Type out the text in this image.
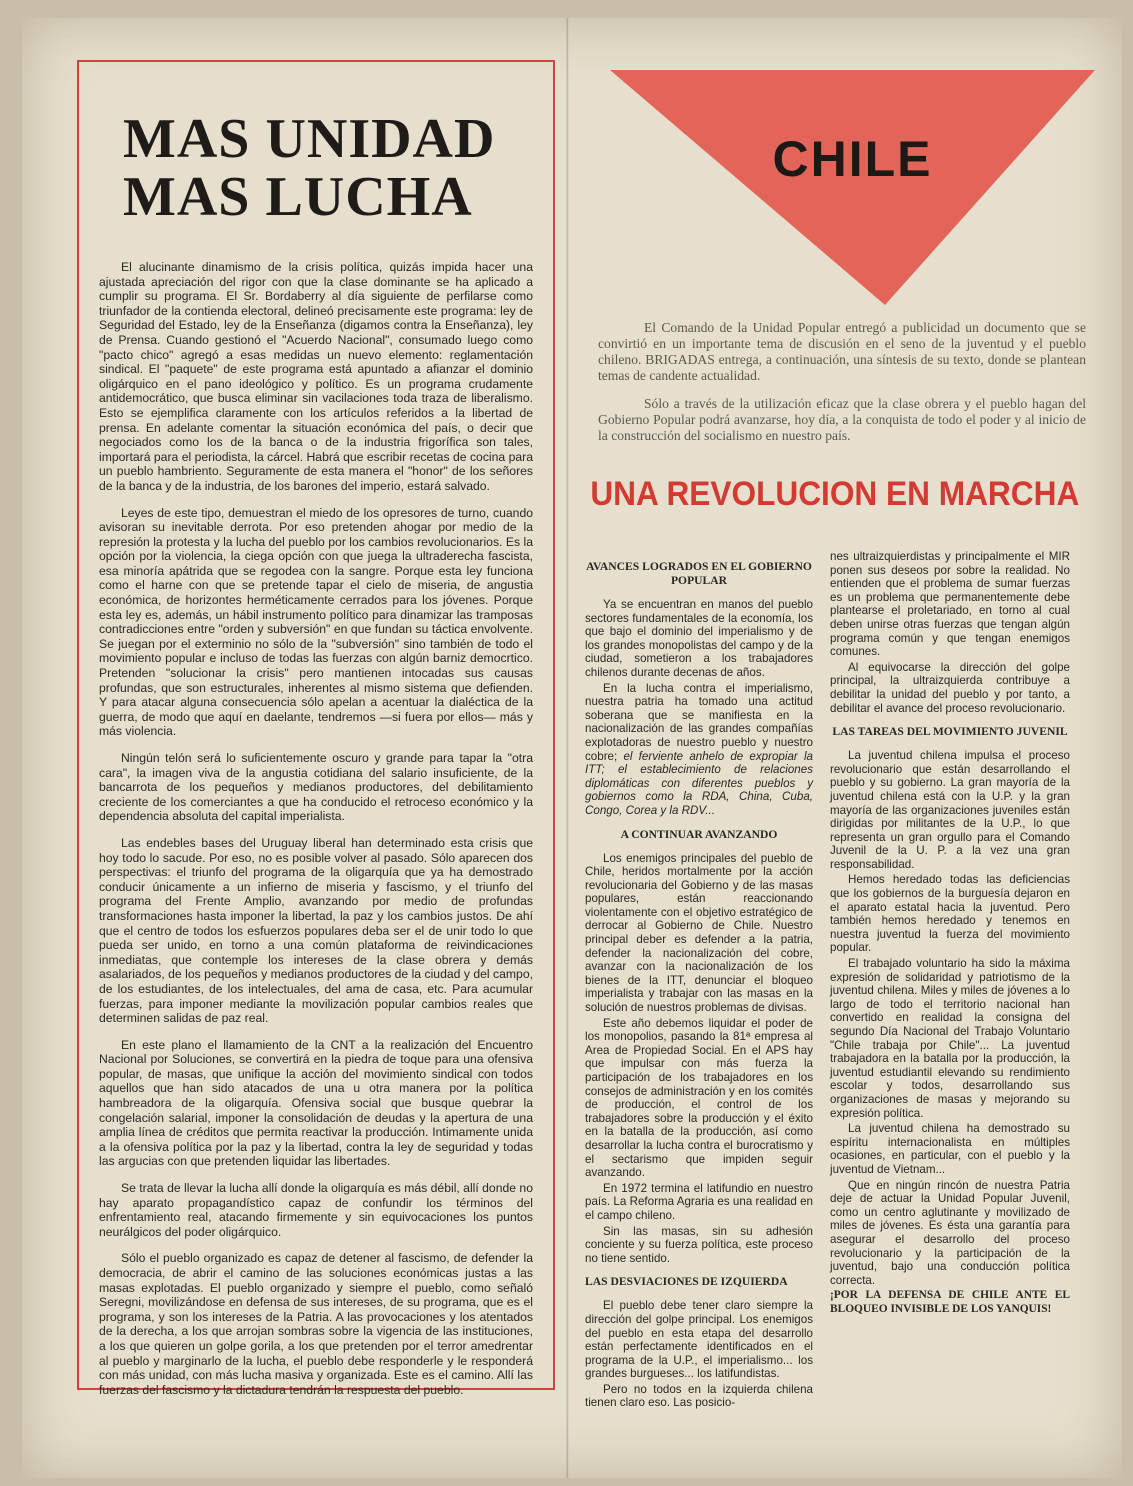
MAS UNIDAD
MAS LUCHA

El alucinante dinamismo de la crisis política, quizás impida hacer una ajustada apreciación del rigor con que la clase dominante se ha aplicado a cumplir su programa. El Sr. Bordaberry al día siguiente de perfilarse como triunfador de la contienda electoral, delineó precisamente este programa: ley de Seguridad del Estado, ley de la Enseñanza (digamos contra la Enseñanza), ley de Prensa. Cuando gestionó el "Acuerdo Nacional", consumado luego como "pacto chico" agregó a esas medidas un nuevo elemento: reglamentación sindical. El "paquete" de este programa está apuntado a afianzar el dominio oligárquico en el pano ideológico y político. Es un programa crudamente antidemocrático, que busca eliminar sin vacilaciones toda traza de liberalismo. Esto se ejemplifica claramente con los artículos referidos a la libertad de prensa. En adelante comentar la situación económica del país, o decir que negociados como los de la banca o de la industria frigorífica son tales, importará para el periodista, la cárcel. Habrá que escribir recetas de cocina para un pueblo hambriento. Seguramente de esta manera el "honor" de los señores de la banca y de la industria, de los barones del imperio, estará salvado.

Leyes de este tipo, demuestran el miedo de los opresores de turno, cuando avisoran su inevitable derrota. Por eso pretenden ahogar por medio de la represión la protesta y la lucha del pueblo por los cambios revolucionarios. Es la opción por la violencia, la ciega opción con que juega la ultraderecha fascista, esa minoría apátrida que se regodea con la sangre. Porque esta ley funciona como el harne con que se pretende tapar el cielo de miseria, de angustia económica, de horizontes herméticamente cerrados para los jóvenes. Porque esta ley es, además, un hábil instrumento político para dinamizar las tramposas contradicciones entre "orden y subversión" en que fundan su táctica envolvente. Se juegan por el exterminio no sólo de la "subversión" sino también de todo el movimiento popular e incluso de todas las fuerzas con algún barniz democrtico. Pretenden "solucionar la crisis" pero mantienen intocadas sus causas profundas, que son estructurales, inherentes al mismo sistema que defienden. Y para atacar alguna consecuencia sólo apelan a acentuar la dialéctica de la guerra, de modo que aquí en daelante, tendremos —si fuera por ellos— más y más violencia.

Ningún telón será lo suficientemente oscuro y grande para tapar la "otra cara", la imagen viva de la angustia cotidiana del salario insuficiente, de la bancarrota de los pequeños y medianos productores, del debilitamiento creciente de los comerciantes a que ha conducido el retroceso económico y la dependencia absoluta del capital imperialista.

Las endebles bases del Uruguay liberal han determinado esta crisis que hoy todo lo sacude. Por eso, no es posible volver al pasado. Sólo aparecen dos perspectivas: el triunfo del programa de la oligarquía que ya ha demostrado conducir únicamente a un infierno de miseria y fascismo, y el triunfo del programa del Frente Amplio, avanzando por medio de profundas transformaciones hasta imponer la libertad, la paz y los cambios justos. De ahí que el centro de todos los esfuerzos populares deba ser el de unir todo lo que pueda ser unido, en torno a una común plataforma de reivindicaciones inmediatas, que contemple los intereses de la clase obrera y demás asalariados, de los pequeños y medianos productores de la ciudad y del campo, de los estudiantes, de los intelectuales, del ama de casa, etc. Para acumular fuerzas, para imponer mediante la movilización popular cambios reales que determinen salidas de paz real.

En este plano el llamamiento de la CNT a la realización del Encuentro Nacional por Soluciones, se convertirá en la piedra de toque para una ofensiva popular, de masas, que unifique la acción del movimiento sindical con todos aquellos que han sido atacados de una u otra manera por la política hambreadora de la oligarquía. Ofensiva social que busque quebrar la congelación salarial, imponer la consolidación de deudas y la apertura de una amplia línea de créditos que permita reactivar la producción. Intimamente unida a la ofensiva política por la paz y la libertad, contra la ley de seguridad y todas las argucias con que pretenden liquidar las libertades.

Se trata de llevar la lucha allí donde la oligarquía es más débil, allí donde no hay aparato propagandístico capaz de confundir los términos del enfrentamiento real, atacando firmemente y sin equivocaciones los puntos neurálgicos del poder oligárquico.

Sólo el pueblo organizado es capaz de detener al fascismo, de defender la democracia, de abrir el camino de las soluciones económicas justas a las masas explotadas. El pueblo organizado y siempre el pueblo, como señaló Seregni, movilizándose en defensa de sus intereses, de su programa, que es el programa, y son los intereses de la Patria. A las provocaciones y los atentados de la derecha, a los que arrojan sombras sobre la vigencia de las instituciones, a los que quieren un golpe gorila, a los que pretenden por el terror amedrentar al pueblo y marginarlo de la lucha, el pueblo debe responderle y le responderá con más unidad, con más lucha masiva y organizada. Este es el camino. Allí las fuerzas del fascismo y la dictadura tendrán la respuesta del pueblo.

CHILE

El Comando de la Unidad Popular entregó a publicidad un documento que se convirtió en un importante tema de discusión en el seno de la juventud y el pueblo chileno. BRIGADAS entrega, a continuación, una síntesis de su texto, donde se plantean temas de candente actualidad.

Sólo a través de la utilización eficaz que la clase obrera y el pueblo hagan del Gobierno Popular podrá avanzarse, hoy día, a la conquista de todo el poder y al inicio de la construcción del socialismo en nuestro país.

UNA REVOLUCION EN MARCHA
AVANCES LOGRADOS EN EL GOBIERNO POPULAR

Ya se encuentran en manos del pueblo sectores fundamentales de la economía, los que bajo el dominio del imperialismo y de los grandes monopolistas del campo y de la ciudad, sometieron a los trabajadores chilenos durante decenas de años.

En la lucha contra el imperialismo, nuestra patria ha tomado una actitud soberana que se manifiesta en la nacionalización de las grandes compañías explotadoras de nuestro pueblo y nuestro cobre; el ferviente anhelo de expropiar la ITT; el establecimiento de relaciones diplomáticas con diferentes pueblos y gobiernos como la RDA, China, Cuba, Congo, Corea y la RDV...

A CONTINUAR AVANZANDO

Los enemigos principales del pueblo de Chile, heridos mortalmente por la acción revolucionaria del Gobierno y de las masas populares, están reaccionando violentamente con el objetivo estratégico de derrocar al Gobierno de Chile. Nuestro principal deber es defender a la patria, defender la nacionalización del cobre, avanzar con la nacionalización de los bienes de la ITT, denunciar el bloqueo imperialista y trabajar con las masas en la solución de nuestros problemas de divisas.

Este año debemos liquidar el poder de los monopolios, pasando la 81ª empresa al Area de Propiedad Social. En el APS hay que impulsar con más fuerza la participación de los trabajadores en los consejos de administración y en los comités de producción, el control de los trabajadores sobre la producción y el éxito en la batalla de la producción, así como desarrollar la lucha contra el burocratismo y el sectarismo que impiden seguir avanzando.

En 1972 termina el latifundio en nuestro país. La Reforma Agraria es una realidad en el campo chileno.

Sin las masas, sin su adhesión conciente y su fuerza política, este proceso no tiene sentido.

LAS DESVIACIONES DE IZQUIERDA

El pueblo debe tener claro siempre la dirección del golpe principal. Los enemigos del pueblo en esta etapa del desarrollo están perfectamente identificados en el programa de la U.P., el imperialismo... los grandes burgueses... los latifundistas.

Pero no todos en la izquierda chilena tienen claro eso. Las posicio-

nes ultraizquierdistas y principalmente el MIR ponen sus deseos por sobre la realidad. No entienden que el problema de sumar fuerzas es un problema que permanentemente debe plantearse el proletariado, en torno al cual deben unirse otras fuerzas que tengan algún programa común y que tengan enemigos comunes.

Al equivocarse la dirección del golpe principal, la ultraizquierda contribuye a debilitar la unidad del pueblo y por tanto, a debilitar el avance del proceso revolucionario.

LAS TAREAS DEL MOVIMIENTO JUVENIL

La juventud chilena impulsa el proceso revolucionario que están desarrollando el pueblo y su gobierno. La gran mayoría de la juventud chilena está con la U.P. y la gran mayoría de las organizaciones juveniles están dirigidas por militantes de la U.P., lo que representa un gran orgullo para el Comando Juvenil de la U. P. a la vez una gran responsabilidad.

Hemos heredado todas las deficiencias que los gobiernos de la burguesía dejaron en el aparato estatal hacia la juventud. Pero también hemos heredado y tenemos en nuestra juventud la fuerza del movimiento popular.

El trabajado voluntario ha sido la máxima expresión de solidaridad y patriotismo de la juventud chilena. Miles y miles de jóvenes a lo largo de todo el territorio nacional han convertido en realidad la consigna del segundo Día Nacional del Trabajo Voluntario "Chile trabaja por Chile"... La juventud trabajadora en la batalla por la producción, la juventud estudiantil elevando su rendimiento escolar y todos, desarrollando sus organizaciones de masas y mejorando su expresión política.

La juventud chilena ha demostrado su espíritu internacionalista en múltiples ocasiones, en particular, con el pueblo y la juventud de Vietnam...

Que en ningún rincón de nuestra Patria deje de actuar la Unidad Popular Juvenil, como un centro aglutinante y movilizado de miles de jóvenes. Es ésta una garantía para asegurar el desarrollo del proceso revolucionario y la participación de la juventud, bajo una conducción política correcta.

¡POR LA DEFENSA DE CHILE ANTE EL BLOQUEO INVISIBLE DE LOS YANQUIS!
